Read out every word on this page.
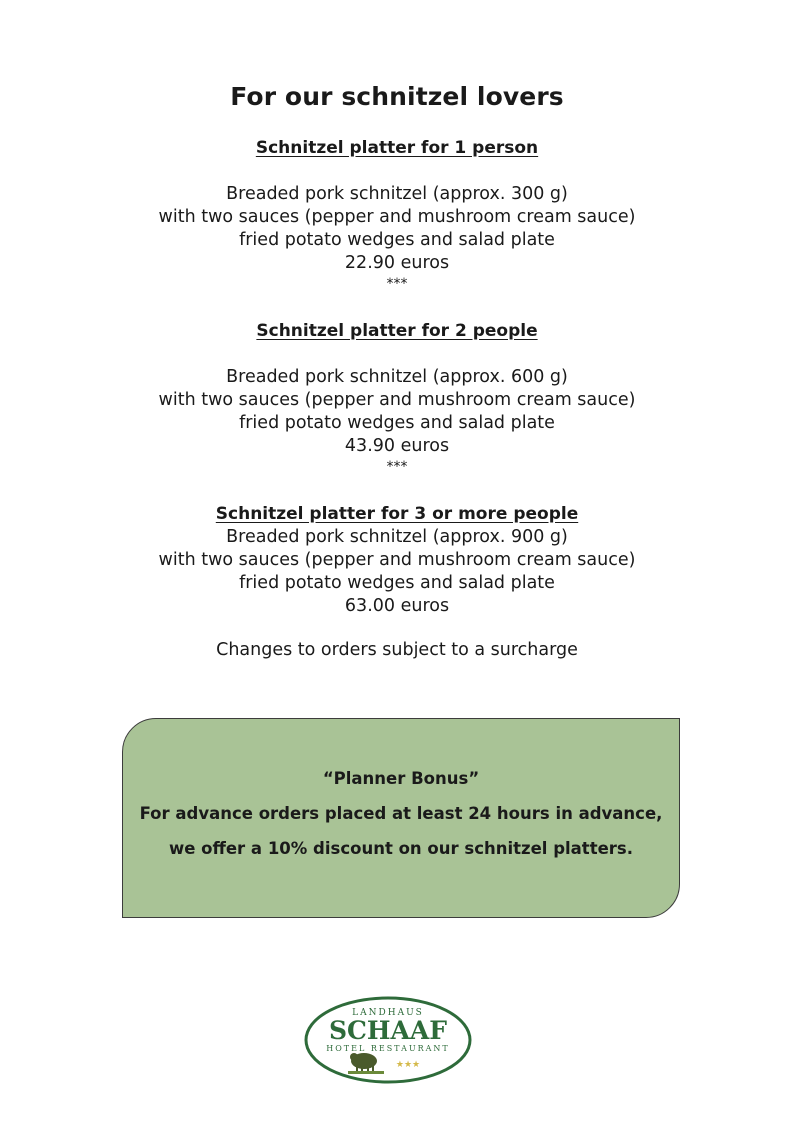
For our schnitzel lovers
Schnitzel platter for 1 person
Breaded pork schnitzel (approx. 300 g)
with two sauces (pepper and mushroom cream sauce)
fried potato wedges and salad plate
22.90 euros
***
Schnitzel platter for 2 people
Breaded pork schnitzel (approx. 600 g)
with two sauces (pepper and mushroom cream sauce)
fried potato wedges and salad plate
43.90 euros
***
Schnitzel platter for 3 or more people
Breaded pork schnitzel (approx. 900 g)
with two sauces (pepper and mushroom cream sauce)
fried potato wedges and salad plate
63.00 euros
Changes to orders subject to a surcharge
“Planner Bonus”
For advance orders placed at least 24 hours in advance,
we offer a 10% discount on our schnitzel platters.
LANDHAUS
SCHAAF
HOTEL RESTAURANT
★★★
